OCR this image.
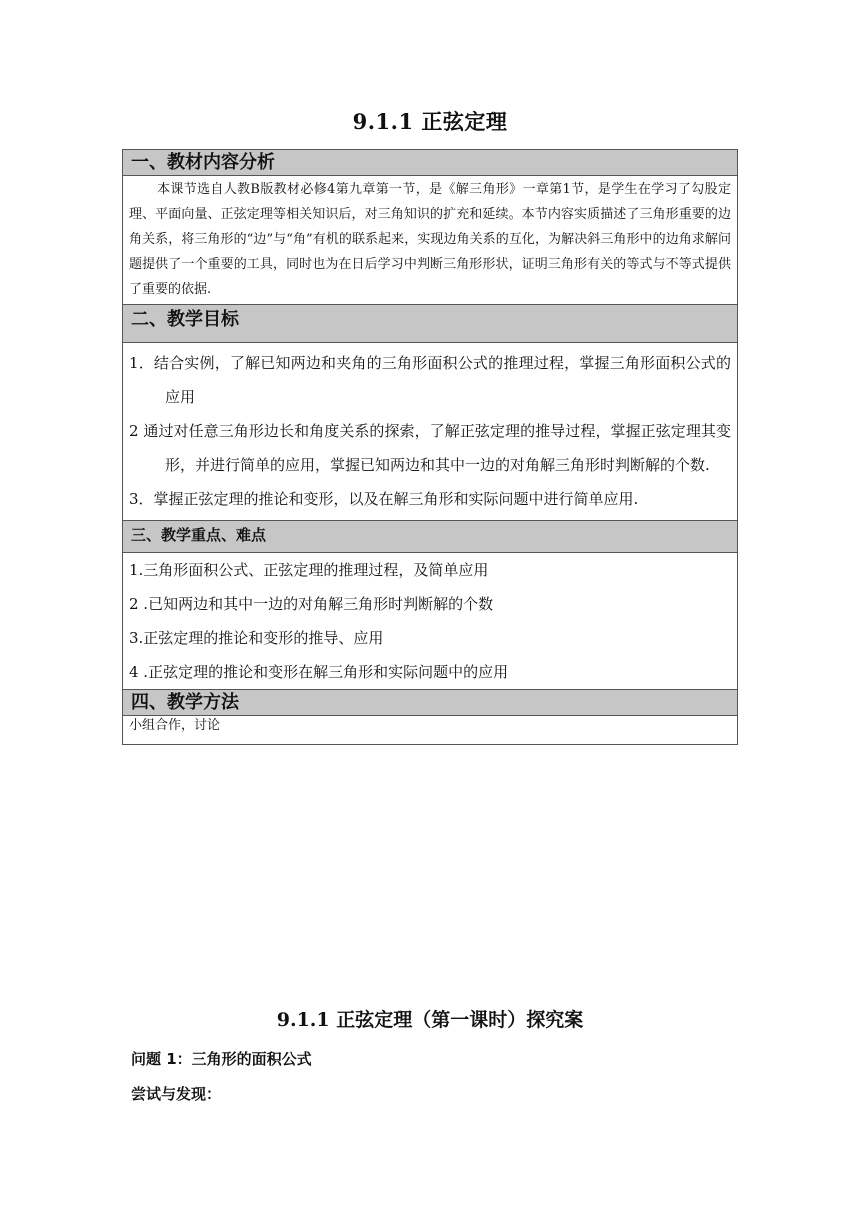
9.1.1 正弦定理
一、教材内容分析
本课节选自人教B版教材必修4第九章第一节，是《解三角形》一章第1节，是学生在学习了勾股定理、平面向量、正弦定理等相关知识后，对三角知识的扩充和延续。本节内容实质描述了三角形重要的边角关系，将三角形的“边”与“角”有机的联系起来，实现边角关系的互化，为解决斜三角形中的边角求解问题提供了一个重要的工具，同时也为在日后学习中判断三角形形状，证明三角形有关的等式与不等式提供了重要的依据.
二、教学目标
1．结合实例，了解已知两边和夹角的三角形面积公式的推理过程，掌握三角形面积公式的应用
2 通过对任意三角形边长和角度关系的探索，了解正弦定理的推导过程，掌握正弦定理其变形，并进行简单的应用，掌握已知两边和其中一边的对角解三角形时判断解的个数.
3．掌握正弦定理的推论和变形，以及在解三角形和实际问题中进行简单应用.
三、教学重点、难点
1.三角形面积公式、正弦定理的推理过程，及简单应用
2 .已知两边和其中一边的对角解三角形时判断解的个数
3.正弦定理的推论和变形的推导、应用
4 .正弦定理的推论和变形在解三角形和实际问题中的应用
四、教学方法
小组合作，讨论
9.1.1 正弦定理（第一课时）探究案
问题 1：三角形的面积公式
尝试与发现：
